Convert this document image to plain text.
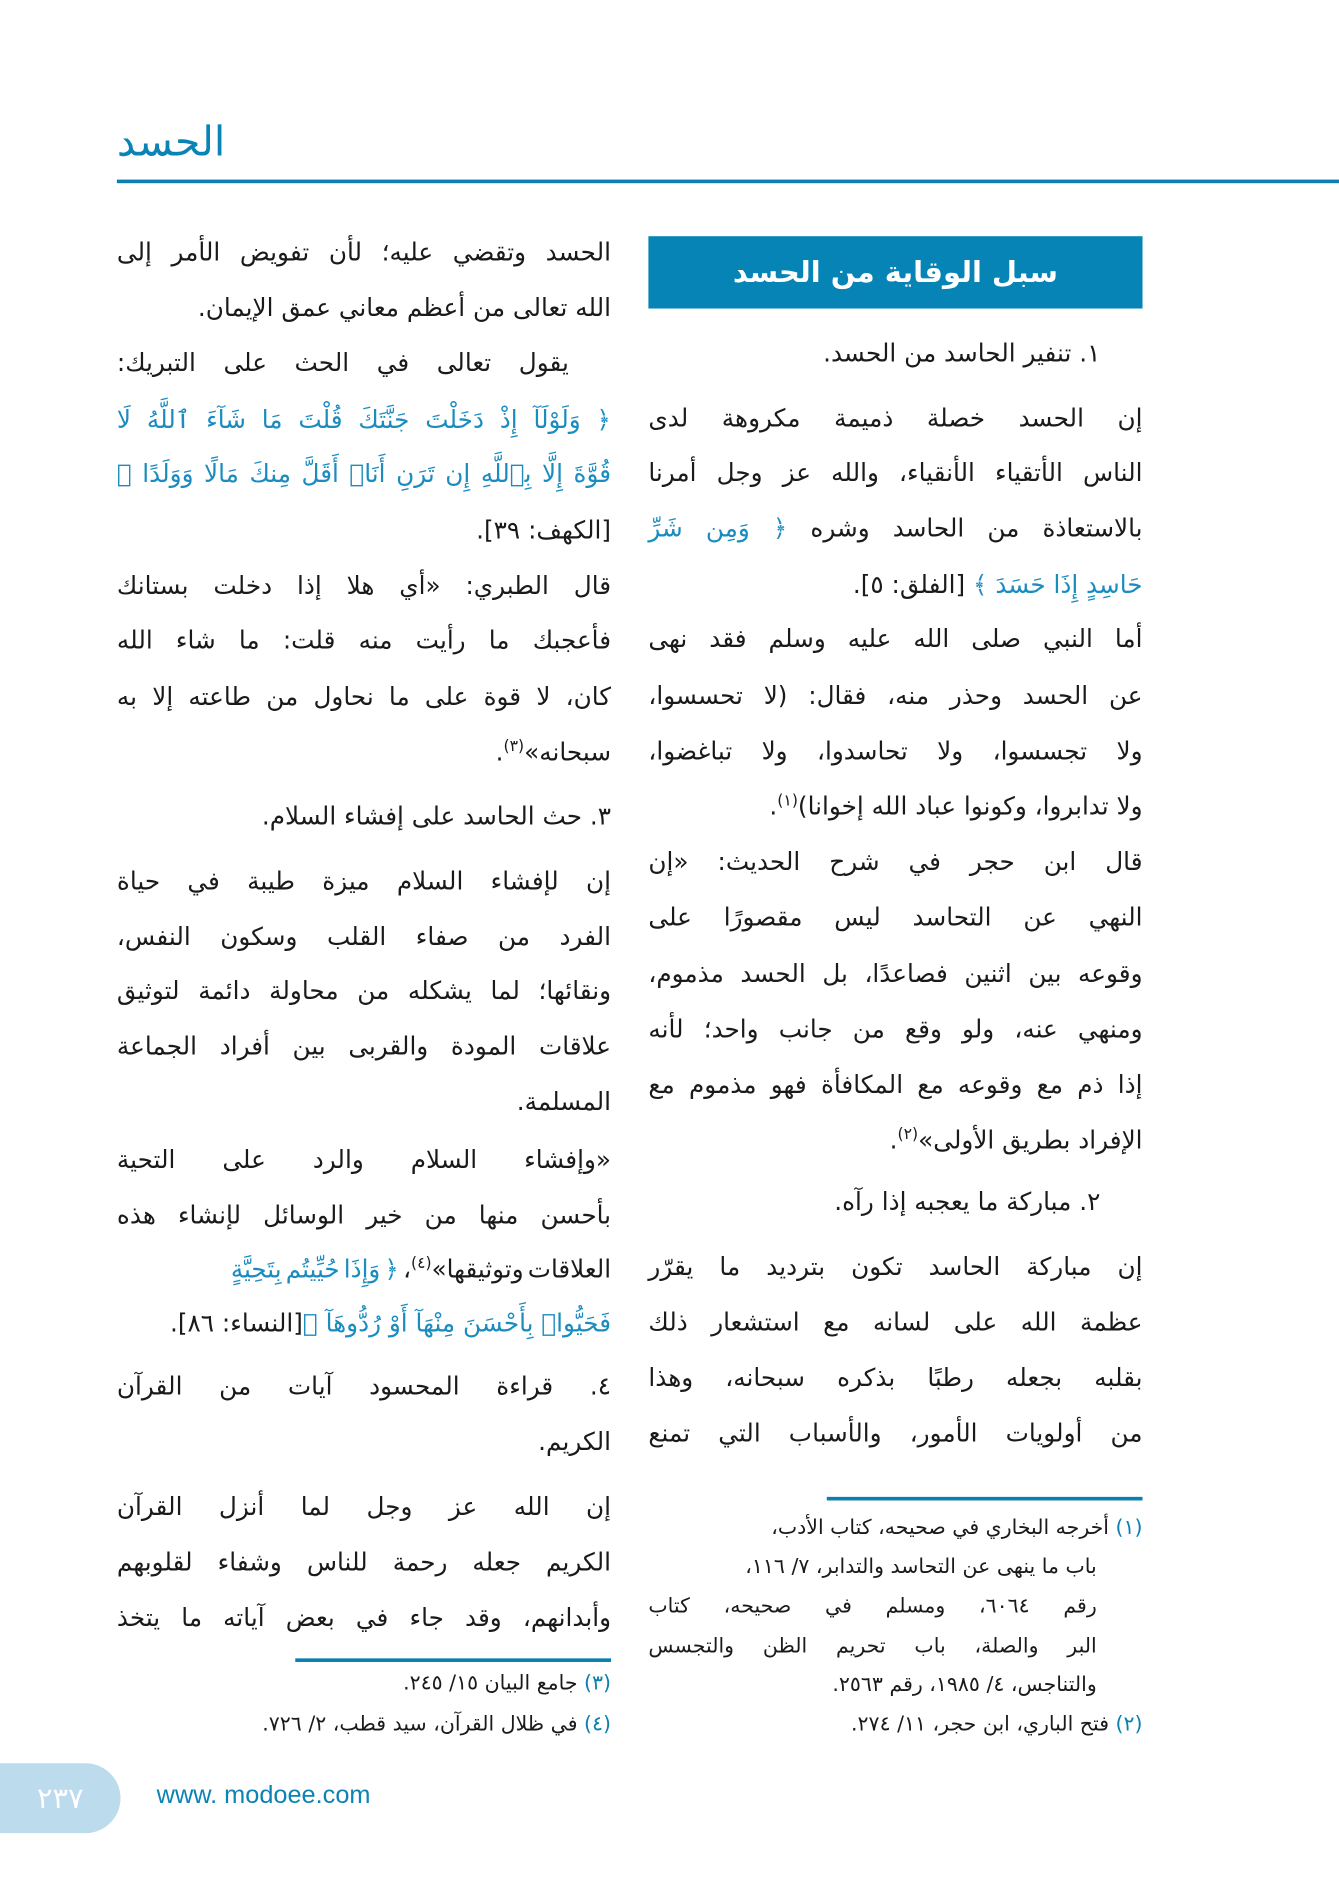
الحسد
سبل الوقاية من الحسد
١. تنفير الحاسد من الحسد.
إن الحسد خصلة ذميمة مكروهة لدى
الناس الأتقياء الأنقياء، والله عز وجل أمرنا
بالاستعاذة من الحاسد وشره ﴿ وَمِن شَرِّ
حَاسِدٍ إِذَا حَسَدَ ﴾ [الفلق: ٥].
أما النبي صلى الله عليه وسلم فقد نهى
عن الحسد وحذر منه، فقال: (لا تحسسوا،
ولا تجسسوا، ولا تحاسدوا، ولا تباغضوا،
ولا تدابروا، وكونوا عباد الله إخوانا)$^{(١)}$.
قال ابن حجر في شرح الحديث: «إن
النهي عن التحاسد ليس مقصورًا على
وقوعه بين اثنين فصاعدًا، بل الحسد مذموم،
ومنهي عنه، ولو وقع من جانب واحد؛ لأنه
إذا ذم مع وقوعه مع المكافأة فهو مذموم مع
الإفراد بطريق الأولى»$^{(٢)}$.
٢. مباركة ما يعجبه إذا رآه.
إن مباركة الحاسد تكون بترديد ما يقرّر
عظمة الله على لسانه مع استشعار ذلك
بقلبه بجعله رطبًا بذكره سبحانه، وهذا
من أولويات الأمور، والأسباب التي تمنع
(١) أخرجه البخاري في صحيحه، كتاب الأدب،
باب ما ينهى عن التحاسد والتدابر، ٧/ ١١٦،
رقم ٦٠٦٤، ومسلم في صحيحه، كتاب
البر والصلة، باب تحريم الظن والتجسس
والتناجس، ٤/ ١٩٨٥، رقم ٢٥٦٣.
(٢) فتح الباري، ابن حجر، ١١/ ٢٧٤.
الحسد وتقضي عليه؛ لأن تفويض الأمر إلى
الله تعالى من أعظم معاني عمق الإيمان.
يقول تعالى في الحث على التبريك:
﴿ وَلَوْلَآ إِذْ دَخَلْتَ جَنَّتَكَ قُلْتَ مَا شَآءَ ٱللَّهُ لَا
قُوَّةَ إِلَّا بِٱللَّهِ إِن تَرَنِ أَنَا۠ أَقَلَّ مِنكَ مَالًا وَوَلَدًا ﴾
[الكهف: ٣٩].
قال الطبري: «أي هلا إذا دخلت بستانك
فأعجبك ما رأيت منه قلت: ما شاء الله
كان، لا قوة على ما نحاول من طاعته إلا به
سبحانه»$^{(٣)}$.
٣. حث الحاسد على إفشاء السلام.
إن لإفشاء السلام ميزة طيبة في حياة
الفرد من صفاء القلب وسكون النفس،
ونقائها؛ لما يشكله من محاولة دائمة لتوثيق
علاقات المودة والقربى بين أفراد الجماعة
المسلمة.
«وإفشاء السلام والرد على التحية
بأحسن منها من خير الوسائل لإنشاء هذه
العلاقات وتوثيقها»$^{(٤)}$، ﴿ وَإِذَا حُيِّيتُم بِتَحِيَّةٍ
فَحَيُّوا۟ بِأَحْسَنَ مِنْهَآ أَوْ رُدُّوهَآ ﴾[النساء: ٨٦].
٤. قراءة المحسود آيات من القرآن
الكريم.
إن الله عز وجل لما أنزل القرآن
الكريم جعله رحمة للناس وشفاء لقلوبهم
وأبدانهم، وقد جاء في بعض آياته ما يتخذ
(٣) جامع البيان ١٥/ ٢٤٥.
(٤) في ظلال القرآن، سيد قطب، ٢/ ٧٢٦.
٢٣٧	www. modoee.com
